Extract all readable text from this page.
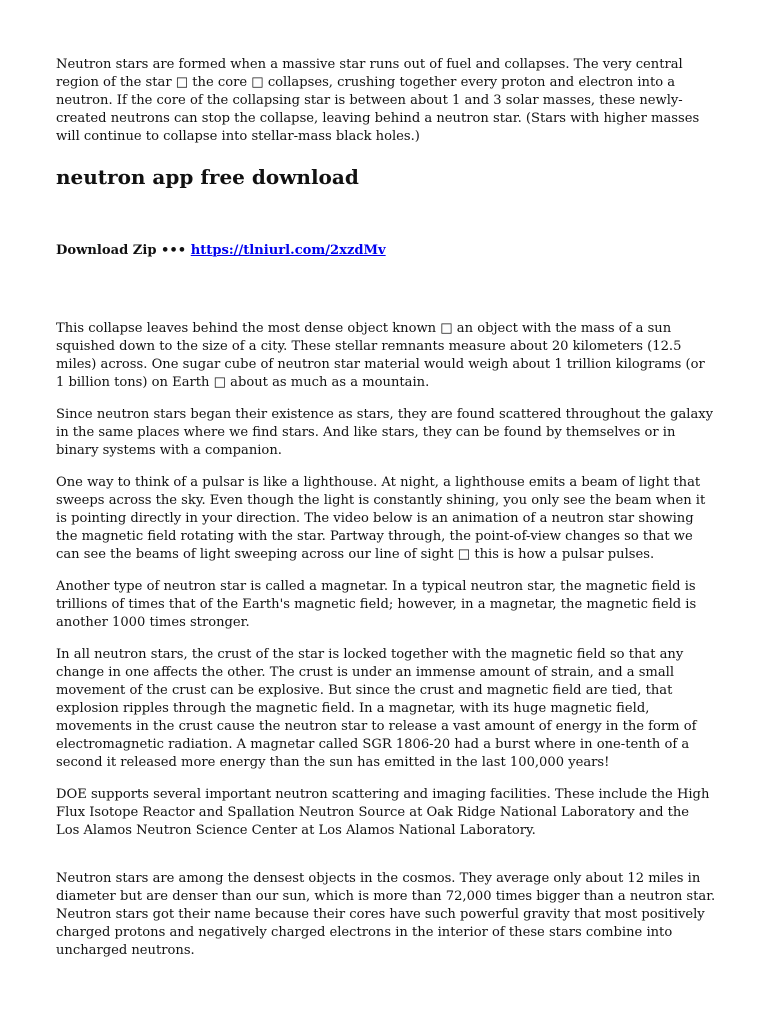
Neutron stars are formed when a massive star runs out of fuel and collapses. The very central region of the star □ the core □ collapses, crushing together every proton and electron into a neutron. If the core of the collapsing star is between about 1 and 3 solar masses, these newly-created neutrons can stop the collapse, leaving behind a neutron star. (Stars with higher masses will continue to collapse into stellar-mass black holes.)

neutron app free download
Download Zip ••• https://tlniurl.com/2xzdMv

This collapse leaves behind the most dense object known □ an object with the mass of a sun squished down to the size of a city. These stellar remnants measure about 20 kilometers (12.5 miles) across. One sugar cube of neutron star material would weigh about 1 trillion kilograms (or 1 billion tons) on Earth □ about as much as a mountain.

Since neutron stars began their existence as stars, they are found scattered throughout the galaxy in the same places where we find stars. And like stars, they can be found by themselves or in binary systems with a companion.

One way to think of a pulsar is like a lighthouse. At night, a lighthouse emits a beam of light that sweeps across the sky. Even though the light is constantly shining, you only see the beam when it is pointing directly in your direction. The video below is an animation of a neutron star showing the magnetic field rotating with the star. Partway through, the point-of-view changes so that we can see the beams of light sweeping across our line of sight □ this is how a pulsar pulses.

Another type of neutron star is called a magnetar. In a typical neutron star, the magnetic field is trillions of times that of the Earth's magnetic field; however, in a magnetar, the magnetic field is another 1000 times stronger.

In all neutron stars, the crust of the star is locked together with the magnetic field so that any change in one affects the other. The crust is under an immense amount of strain, and a small movement of the crust can be explosive. But since the crust and magnetic field are tied, that explosion ripples through the magnetic field. In a magnetar, with its huge magnetic field, movements in the crust cause the neutron star to release a vast amount of energy in the form of electromagnetic radiation. A magnetar called SGR 1806-20 had a burst where in one-tenth of a second it released more energy than the sun has emitted in the last 100,000 years!

DOE supports several important neutron scattering and imaging facilities. These include the High Flux Isotope Reactor and Spallation Neutron Source at Oak Ridge National Laboratory and the Los Alamos Neutron Science Center at Los Alamos National Laboratory.

Neutron stars are among the densest objects in the cosmos. They average only about 12 miles in diameter but are denser than our sun, which is more than 72,000 times bigger than a neutron star. Neutron stars got their name because their cores have such powerful gravity that most positively charged protons and negatively charged electrons in the interior of these stars combine into uncharged neutrons.
